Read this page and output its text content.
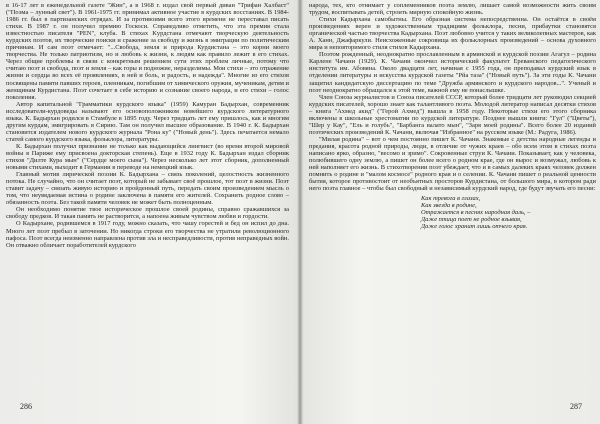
в 16-17 лет в еженедельной газете "Жин", а в 1968 г. издал свой первый диван "Трифан Халбаст" ("Поэма – лунный свет"). В 1961-1975 гг. принимал активное участие в курдских восстаниях. В 1984-1986 гг. был в партизанских отрядах. И за противоими всего этого времени не переставал писать стихи. В 1987 г. он получил премию Госкоси. Справедливо отметить, что эта премия стала известностью писателя "PEN", клуба. В стихах Kурдстана отмечают творческую деятельность курдских поэтов, их творческие поиски и сражение за свободу и жизнь в эмиграции по политическим причинам. И сам поэт отмечает: "...Свобода, земля и природа Курдистана – это корни моего творчества. Не только патриотизм, но и любовь к жизни, к людям как правило лежит в его стихах. Через общие проблемы в связи с конкретным решением сути этих проблем личные, потому что считаю поэт и свобода, поэт и земля – как горы и подножие, неразделимы. Мои стихи – это отражение жизни и сердца во всех её проявлениях, в ней и боль, и радость, и надежда". Многие из его стихов посвящены памяти павших героев, пленникам, погибшим от химического оружия, мученикам, детям и женщинам Курдистана. Поэт сочетает в себе историю и сознание своего народа, и его стихи – голос поколения.

Автор капитальной "Грамматики курдского языка" (1959) Камуран Бадырхан, современник исследователи-курдоведы называют его основоположником новейшего курдского литературного языка. К. Бадырхан родился в Стамбуле в 1895 году. Через тридцать лет ему пришлось, как и многим другим курдам, эмигрировать в Сирию. Там он получил высшее образование. В 1940 г. К. Бадырхан становится издателем нового курдского журнала "Рона ку" ("Новый день"). Здесь печатается немало статей самого курдского языка, фольклора, литературы.

К. Бадырхан получил признание не только как выдающийся лингвист (во время второй мировой войны в Париже ему присвоена докторская степень). Еще в 1932 году К. Бадырхан издал сборник стихов "Дилте Кура мын" ("Сердце моего сына"). Через несколько лет этот сборник, дополненный новыми стихами, выходит в Германии в переводе на немецкий язык.

Главный мотив лирической поэзии К. Бадырхана – связь поколений, целостность жизненного потока. Не случайно, что он считает поэт, который не забывает своё прошлое, тот поэт в жизни. Поэт ставит задачу – связать живую историю и пройденный путь, передать своим произведением мысль о том, что неувядаемая истина о родине заключена в памяти его жителей. Сохранить родное слово – обязанность поэта. Без такой памяти человек не может быть полноценным.

Он необходимо понятие твое историческое прошлое своей родины, справно сражавшихся за свободу предков. И такая память не растворится, а напоена живым чувством любви и гордости.

О Кадырхане, родившемся в 1917 году, можно сказать, что чашу горестей и бед он испил до дна. Много лет поэт пребыл в заточении. Но никогда строки его творчества не утратили революционного пафоса. Поэт всегда неизменно направлена против зла и несправедливости, против неправедных войн. Он отважно обличает поработителей курдского

народа, тех, кто отнимает у соплеменников поэта землю, лишает самой возможности жить своим трудом, воспитывать детей, строить мирную спокойную жизнь.

Стихи Кадырхана самобытны. Его образная система непосредственна. Он остаётся в своём произведениях верен и художественным традициям фольклора, песни, прибаутки становятся органической частью творчества Кадырхана. Поэт любовно учится у таких великолепных мастеров, как А. Ханн, Джафаркули. Неисхоженные сокровища их фольклорных произведений – основа духовного мира и неповторимого стиля стихов Кадырхана.

Поэтом рожденный, неоднократно прославленным в армянской и курдской поэзии Агагул – родина Карлене Чачани (1929). К. Чачани окончил исторический факультет Ереванского педагогического института им. Абовяна. Около двадцати лет, начиная с 1955 года, он преподавал курдский язык в отделении литературы и искусства курдской газеты "Рйа таза" ("Новый путь"). За эти годы К. Чачани защитил кандидатскую диссертацию по теме "Дружба армянского и курдского народов...". Ученый и поэт неоднократно обращался к этой теме, важной ему не понаслышке.

Член Союза журналистов и Союза писателей СССР, который более тридцати лет руководил секцией курдских писателей, хорошо знает как талантливого поэта. Молодой литератор написал десятки стихов – книга "Ахмед акид" ("Герой Ахмед") вышла в 1958 году. Некоторые стихи его этого сборника включены в школьные хрестоматии по курдской литературе. Позднее вышли книги: "Гул" ("Цветы"), "Шер у Кау", "Ель и голубь", "Барбанга валато мын", "Заря моей родины". Всего более 20 изданий поэтических произведений К. Чачани, включая "Избранное" на русском языке (М.: Радуга, 1986).

"Милая родина" – вот о чем постоянно пишет К. Чачани. Знакомые с детства народные легенды и предания, красота родной природы, люди, в отличие от чужих краев – обо всем этом в стихах поэта написано ярко, образно, "весомо и зримо". Сокровенные струи К. Чачани. Показывает, как у человека, полюбившего одну землю, а пишет он более всего о родном крае, где он вырос и возмужал, любовь к ней наполняет его жизнь. В стихотворении поэт убеждает, что и в самых далеких краях человек должен помнить о родине и "малом космосе" родного края и о селении. К. Чачани пишет о реальной ценности бытия, которое противостоит от необъятных просторов Курдистана, от большого мира, в котором ради него поэта главное – чтобы был свободный и независимый курдский народ, где будут звучать его песни:

Как тревога в глазах,
Как звезда в родине,
Отражается в песнях народная даль, –
Даже птица поет не родное взывая,
Даже голос хранит лишь отчего края.
286	287
